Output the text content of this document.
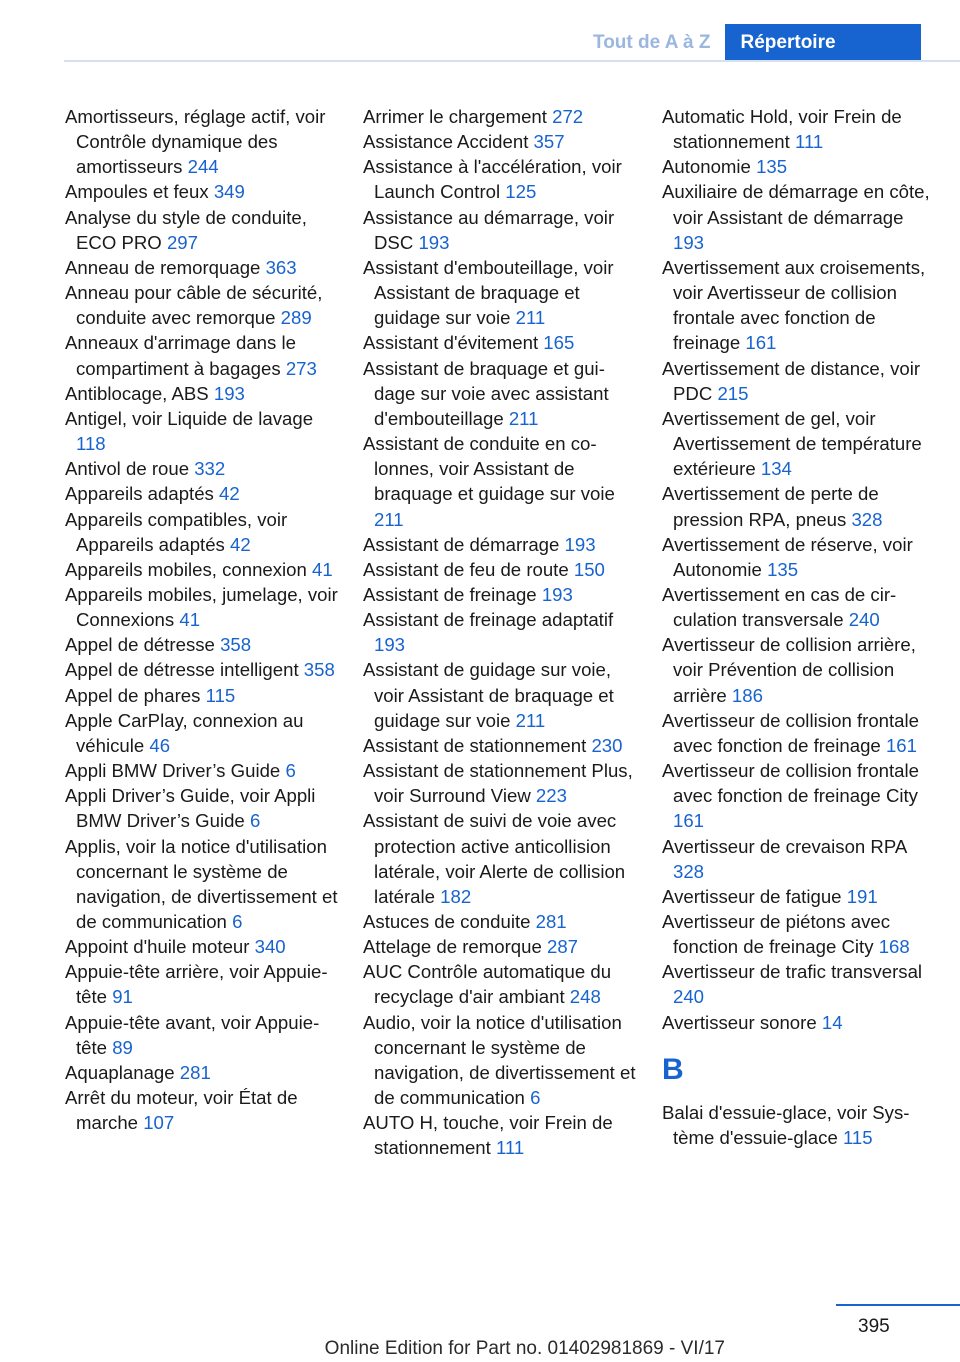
Tout de A à Z	Répertoire
Amortisseurs, réglage actif, voir Contrôle dynamique des amortisseurs 244
Ampoules et feux 349
Analyse du style de conduite, ECO PRO 297
Anneau de remorquage 363
Anneau pour câble de sécurité, conduite avec remorque 289
Anneaux d'arrimage dans le compartiment à bagages 273
Antiblocage, ABS 193
Antigel, voir Liquide de lavage 118
Antivol de roue 332
Appareils adaptés 42
Appareils compatibles, voir Appareils adaptés 42
Appareils mobiles, connexion 41
Appareils mobiles, jumelage, voir Connexions 41
Appel de détresse 358
Appel de détresse intelligent 358
Appel de phares 115
Apple CarPlay, connexion au véhicule 46
Appli BMW Driver’s Guide 6
Appli Driver’s Guide, voir Appli BMW Driver’s Guide 6
Applis, voir la notice d'utilisation concernant le système de navigation, de divertissement et de communication 6
Appoint d'huile moteur 340
Appuie-tête arrière, voir Appuie-tête 91
Appuie-tête avant, voir Appuie-tête 89
Aquaplanage 281
Arrêt du moteur, voir État de marche 107
Arrimer le chargement 272
Assistance Accident 357
Assistance à l'accélération, voir Launch Control 125
Assistance au démarrage, voir DSC 193
Assistant d'embouteillage, voir Assistant de braquage et guidage sur voie 211
Assistant d'évitement 165
Assistant de braquage et guidage sur voie avec assistant d'embouteillage 211
Assistant de conduite en colonnes, voir Assistant de braquage et guidage sur voie 211
Assistant de démarrage 193
Assistant de feu de route 150
Assistant de freinage 193
Assistant de freinage adaptatif 193
Assistant de guidage sur voie, voir Assistant de braquage et guidage sur voie 211
Assistant de stationnement 230
Assistant de stationnement Plus, voir Surround View 223
Assistant de suivi de voie avec protection active anticollision latérale, voir Alerte de collision latérale 182
Astuces de conduite 281
Attelage de remorque 287
AUC Contrôle automatique du recyclage d'air ambiant 248
Audio, voir la notice d'utilisation concernant le système de navigation, de divertissement et de communication 6
AUTO H, touche, voir Frein de stationnement 111
Automatic Hold, voir Frein de stationnement 111
Autonomie 135
Auxiliaire de démarrage en côte, voir Assistant de démarrage 193
Avertissement aux croisements, voir Avertisseur de collision frontale avec fonction de freinage 161
Avertissement de distance, voir PDC 215
Avertissement de gel, voir Avertissement de température extérieure 134
Avertissement de perte de pression RPA, pneus 328
Avertissement de réserve, voir Autonomie 135
Avertissement en cas de circulation transversale 240
Avertisseur de collision arrière, voir Prévention de collision arrière 186
Avertisseur de collision frontale avec fonction de freinage 161
Avertisseur de collision frontale avec fonction de freinage City 161
Avertisseur de crevaison RPA 328
Avertisseur de fatigue 191
Avertisseur de piétons avec fonction de freinage City 168
Avertisseur de trafic transversal 240
Avertisseur sonore 14
B
Balai d'essuie-glace, voir Système d'essuie-glace 115
395
Online Edition for Part no. 01402981869 - VI/17
